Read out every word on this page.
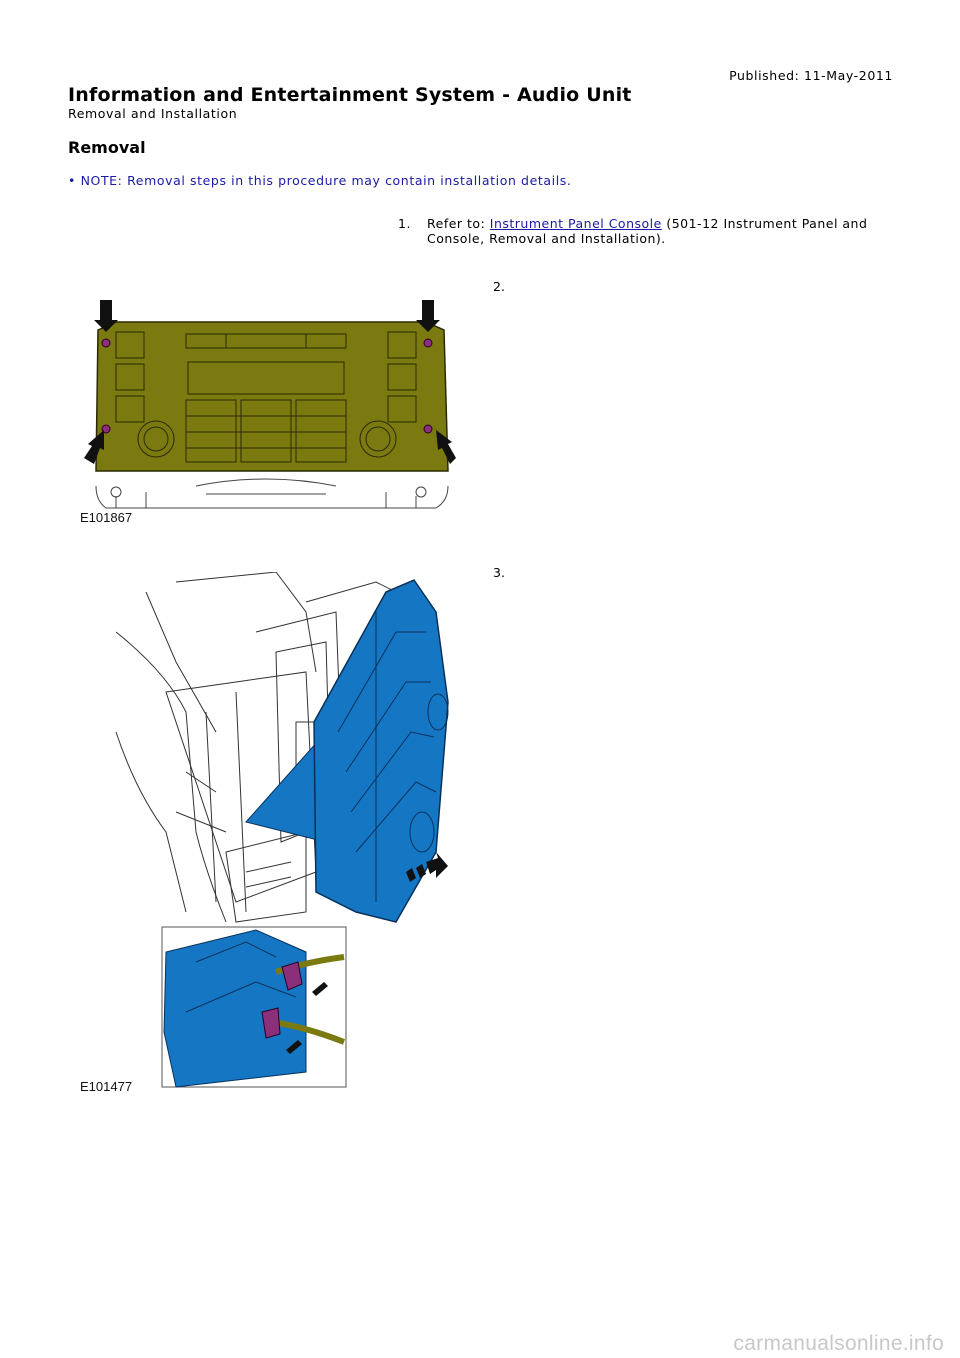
Published: 11-May-2011
Information and Entertainment System - Audio Unit
Removal and Installation
Removal
• NOTE: Removal steps in this procedure may contain installation details.
1. Refer to: Instrument Panel Console (501-12 Instrument Panel and Console, Removal and Installation).
2.
E101867
3.
E101477
carmanualsonline.info
